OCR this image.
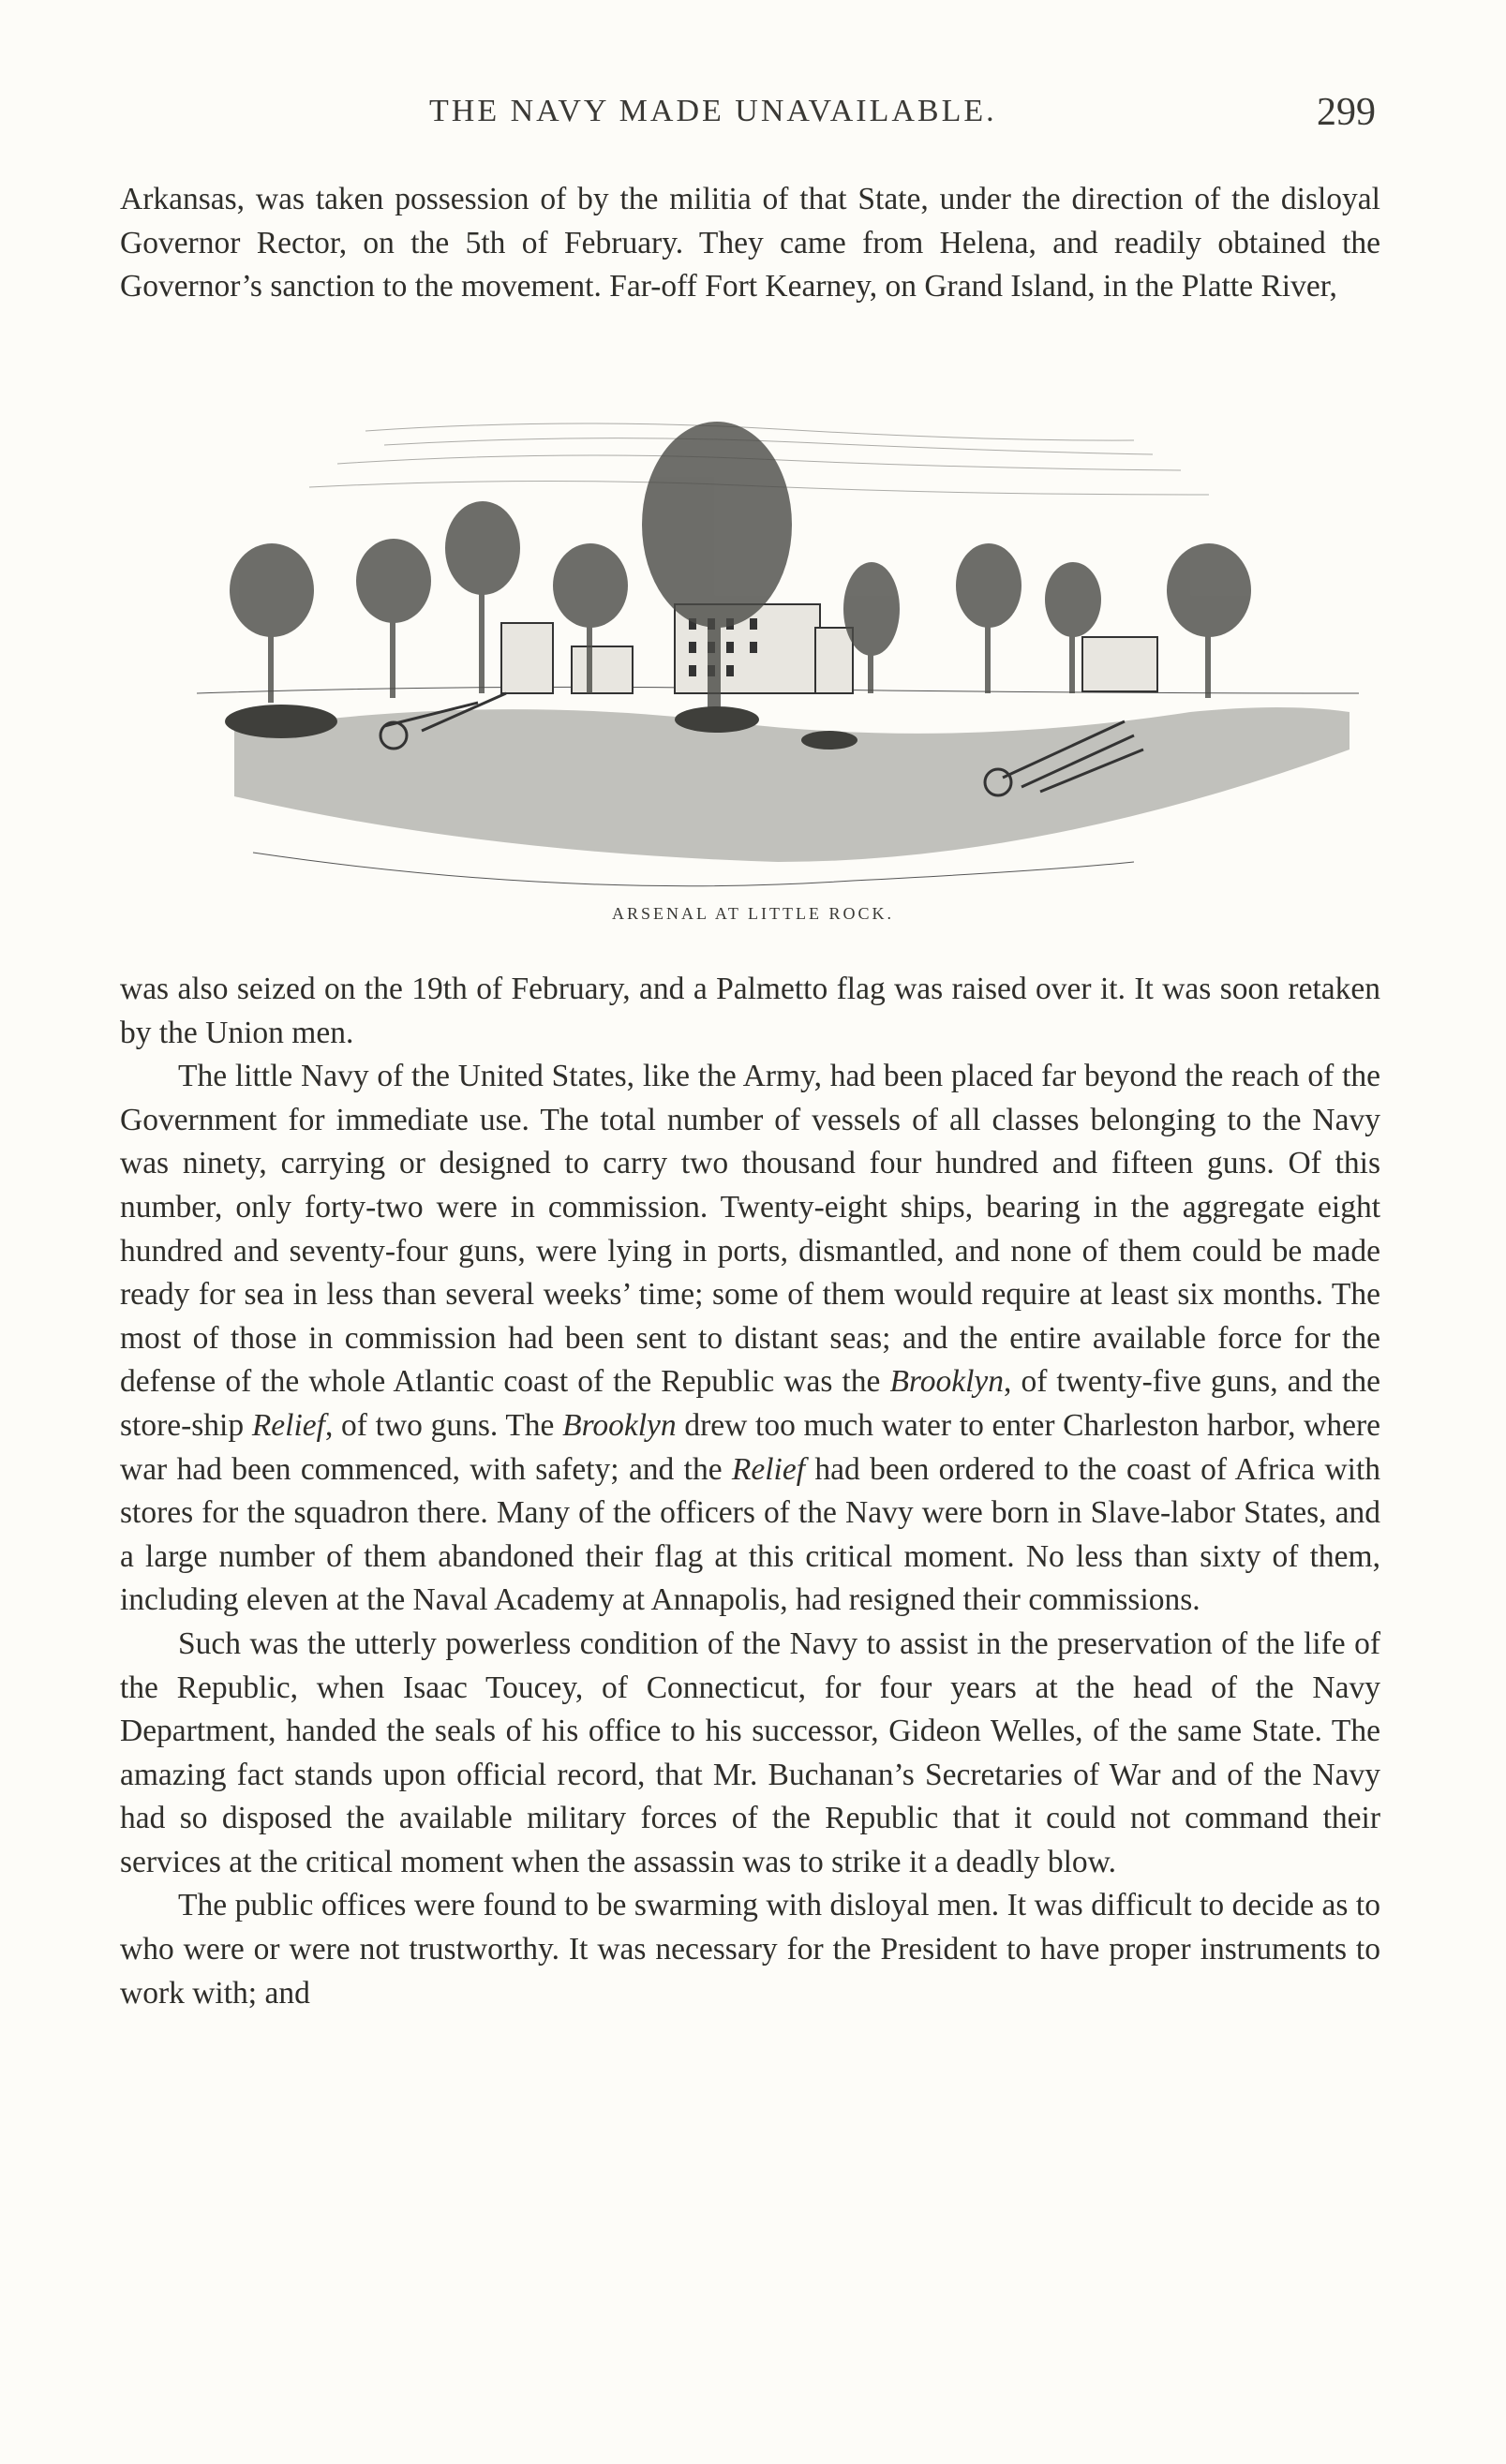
THE NAVY MADE UNAVAILABLE.	299

Arkansas, was taken possession of by the militia of that State, under the direction of the disloyal Governor Rector, on the 5th of February. They came from Helena, and readily obtained the Governor’s sanction to the movement. Far-off Fort Kearney, on Grand Island, in the Platte River,

ARSENAL AT LITTLE ROCK.

was also seized on the 19th of February, and a Palmetto flag was raised over it. It was soon retaken by the Union men.

The little Navy of the United States, like the Army, had been placed far beyond the reach of the Government for immediate use. The total number of vessels of all classes belonging to the Navy was ninety, carrying or designed to carry two thousand four hundred and fifteen guns. Of this number, only forty-two were in commission. Twenty-eight ships, bearing in the aggregate eight hundred and seventy-four guns, were lying in ports, dismantled, and none of them could be made ready for sea in less than several weeks’ time; some of them would require at least six months. The most of those in commission had been sent to distant seas; and the entire available force for the defense of the whole Atlantic coast of the Republic was the Brooklyn, of twenty-five guns, and the store-ship Relief, of two guns. The Brooklyn drew too much water to enter Charleston harbor, where war had been commenced, with safety; and the Relief had been ordered to the coast of Africa with stores for the squadron there. Many of the officers of the Navy were born in Slave-labor States, and a large number of them abandoned their flag at this critical moment. No less than sixty of them, including eleven at the Naval Academy at Annapolis, had resigned their commissions.

Such was the utterly powerless condition of the Navy to assist in the preservation of the life of the Republic, when Isaac Toucey, of Connecticut, for four years at the head of the Navy Department, handed the seals of his office to his successor, Gideon Welles, of the same State. The amazing fact stands upon official record, that Mr. Buchanan’s Secretaries of War and of the Navy had so disposed the available military forces of the Republic that it could not command their services at the critical moment when the assassin was to strike it a deadly blow.

The public offices were found to be swarming with disloyal men. It was difficult to decide as to who were or were not trustworthy. It was necessary for the President to have proper instruments to work with; and
